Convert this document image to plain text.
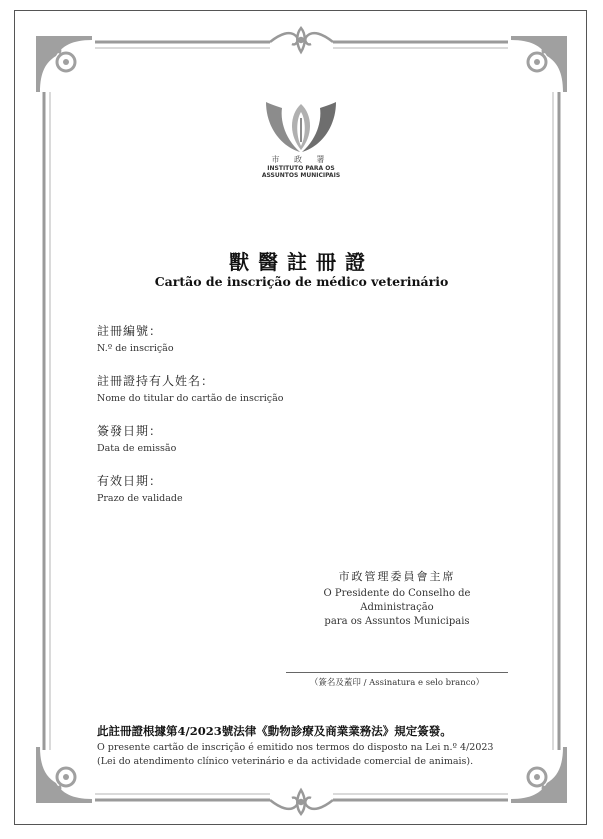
市 政 署
INSTITUTO PARA OS
ASSUNTOS MUNICIPAIS
獸醫註冊證
Cartão de inscrição de médico veterinário
註冊編號：
N.º de inscrição
註冊證持有人姓名：
Nome do titular do cartão de inscrição
簽發日期：
Data de emissão
有效日期：
Prazo de validade
市政管理委員會主席
O Presidente do Conselho de Administração
para os Assuntos Municipais
（簽名及蓋印 / Assinatura e selo branco）
此註冊證根據第4/2023號法律《動物診療及商業業務法》規定簽發。
O presente cartão de inscrição é emitido nos termos do disposto na Lei n.º 4/2023
(Lei do atendimento clínico veterinário e da actividade comercial de animais).
